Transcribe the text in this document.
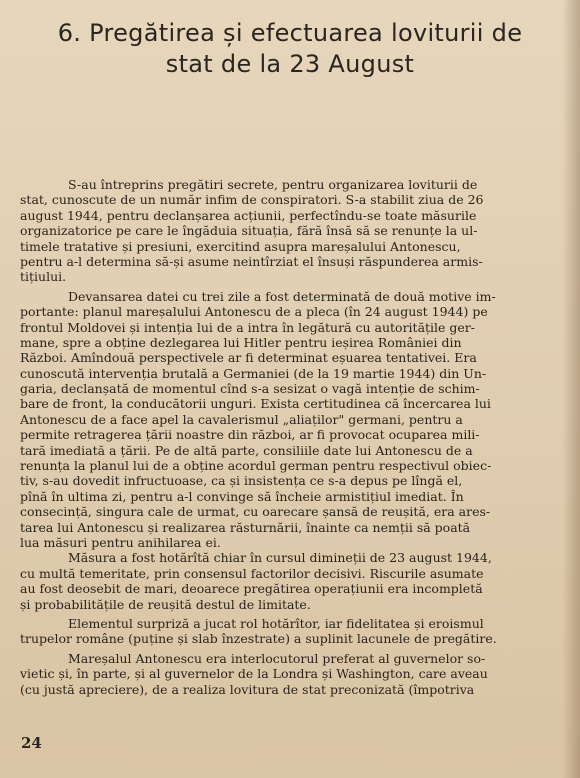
6. Pregătirea și efectuarea loviturii de
stat de la 23 August
S-au întreprins pregătiri secrete, pentru organizarea loviturii de
stat, cunoscute de un număr infim de conspiratori. S-a stabilit ziua de 26
august 1944, pentru declanșarea acțiunii, perfectîndu-se toate măsurile
organizatorice pe care le îngăduia situația, fără însă să se renunțe la ul-
timele tratative și presiuni, exercitind asupra mareșalului Antonescu,
pentru a-l determina să-și asume neintîrziat el însuși răspunderea armis-
tițiului.
Devansarea datei cu trei zile a fost determinată de două motive im-
portante: planul mareșalului Antonescu de a pleca (în 24 august 1944) pe
frontul Moldovei și intenția lui de a intra în legătură cu autoritățile ger-
mane, spre a obține dezlegarea lui Hitler pentru ieșirea României din
Război. Amîndouă perspectivele ar fi determinat eșuarea tentativei. Era
cunoscută intervenția brutală a Germaniei (de la 19 martie 1944) din Un-
garia, declanșată de momentul cînd s-a sesizat o vagă intenție de schim-
bare de front, la conducătorii unguri. Exista certitudinea că încercarea lui
Antonescu de a face apel la cavalerismul „aliaților" germani, pentru a
permite retragerea țării noastre din război, ar fi provocat ocuparea mili-
tară imediată a țării. Pe de altă parte, consiliile date lui Antonescu de a
renunța la planul lui de a obține acordul german pentru respectivul obiec-
tiv, s-au dovedit infructuoase, ca și insistența ce s-a depus pe lîngă el,
pînă în ultima zi, pentru a-l convinge să încheie armistițiul imediat. În
consecință, singura cale de urmat, cu oarecare șansă de reușită, era ares-
tarea lui Antonescu și realizarea răsturnării, înainte ca nemții să poată
lua măsuri pentru anihilarea ei.
Măsura a fost hotărîtă chiar în cursul dimineții de 23 august 1944,
cu multă temeritate, prin consensul factorilor decisivi. Riscurile asumate
au fost deosebit de mari, deoarece pregătirea operațiunii era incompletă
și probabilitățile de reușită destul de limitate.
Elementul surpriză a jucat rol hotărîtor, iar fidelitatea și eroismul
trupelor române (puține și slab înzestrate) a suplinit lacunele de pregătire.
Mareșalul Antonescu era interlocutorul preferat al guvernelor so-
vietic și, în parte, și al guvernelor de la Londra și Washington, care aveau
(cu justă apreciere), de a realiza lovitura de stat preconizată (împotriva
24
